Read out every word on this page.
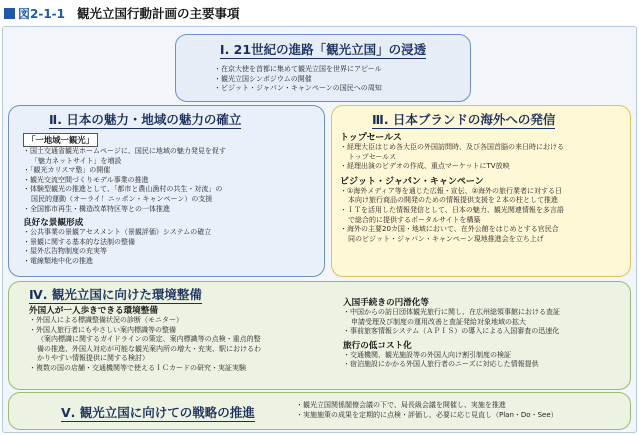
図2-1-1 観光立国行動計画の主要事項
Ⅰ. 21世紀の進路「観光立国」の浸透
・在京大使を首都に集めて観光立国を世界にアピール
・観光立国シンポジウムの開催
・ビジット・ジャパン・キャンペーンの国民への周知
Ⅱ. 日本の魅力・地域の魅力の確立
「一地域一観光」
・国土交通省観光ホームページに、国民に地域の魅力発見を促す
「魅力ネットサイト」を増設
・「観光カリスマ塾」の開催
・観光交流空間づくりモデル事業の推進
・体験型観光の推進として、「都市と農山漁村の共生・対流」の
国民的運動（オーライ！ニッポン・キャンペーン）の支援
・全国都市再生・構造改革特区等との一体推進
良好な景観形成
・公共事業の景観アセスメント（景観評価）システムの確立
・景観に関する基本的な法制の整備
・屋外広告物制度の充実等
・電線類地中化の推進
Ⅲ. 日本ブランドの海外への発信
トップセールス
・経理大臣はじめ各大臣の外国訪問時、及び各国首脳の来日時における
トップセールス
・経理出演のビデオの作成、重点マーケットにTV放映
ビジット・ジャパン・キャンペーン
・①海外メディア等を通じた広報・宣伝、②海外の旅行業者に対する日
本向け旅行商品の開発のための情報提供支援を２本の柱として推進
・ＩＴを活用した情報発信として、日本の魅力、観光関連情報を多言語
で総合的に提供するポータルサイトを構築
・海外の主要20カ国・地域において、在外公館をはじめとする官民合
同のビジット・ジャパン・キャンペーン現地推進会を立ち上げ
Ⅳ. 観光立国に向けた環境整備
外国人が一人歩きできる環境整備
・外国人による標識整備状況の診断（モニター）
・外国人旅行者にもやさしい案内標識等の整備
（案内標識に関するガイドラインの策定、案内標識等の点検・重点的整
備の推進、外国人対応が可能な観光案内所の増大・充実、駅におけるわ
かりやすい情報提供に関する検討）
・複数の国の店舗・交通機関等で使えるＩＣカードの研究・実証実験
入国手続きの円滑化等
・中国からの訪日団体観光旅行に関し、在広州総領事館における査証
申請受理及び制度の運用改善と査証発給対象地域の拡大
・事前旅客情報システム（ＡＰＩＳ）の導入による入国審査の迅速化
旅行の低コスト化
・交通機関、観光施設等の外国人向け割引制度の検証
・宿泊施設にかかる外国人旅行者のニーズに対応した情報提供
Ⅴ. 観光立国に向けての戦略の推進	・観光立国関係閣僚会議の下で、局長級会議を開催し、実施を推進
・実施施策の成果を定期的に点検・評価し、必要に応じ見直し（Plan・Do・See）
